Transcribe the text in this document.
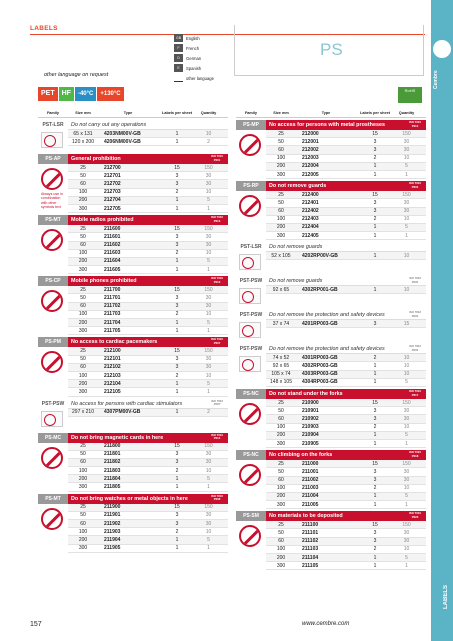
Cembre
LABELS
LABELS
GB	English
F	French
D	German
E	Spanish
...	other language
PS
other language on request
PET	HF	-40°C	+130°C
RoHS
Family	Size mm	Type	Labels per sheet	Quantity
PST-LSR	Do not carry out any operations
65 x 131	4203NM00V-GB	1	10
120 x 200	4206NM00V-GB	1	2
PS-AP	General prohibition	ISO 7010 P001
Always use in combination with other symbols text
25	212700	15	150
50	212701	3	30
60	212702	3	30
100	212703	2	10
200	212704	1	5
300	212705	1	1
PS-MT	Mobile radios prohibited	ISO 7010 P013
25	211600	15	150
50	211601	3	30
60	211602	3	30
100	211603	2	10
200	211604	1	5
300	211605	1	1
PS-CP	Mobile phones prohibited	ISO 7010 P013
25	211700	15	150
50	211701	3	30
60	211702	3	30
100	211703	2	10
200	211704	1	5
300	211705	1	1
PS-PM	No access to cardiac pacemakers	ISO 7010 P007
25	212100	15	150
50	212101	3	30
60	212102	3	30
100	212103	2	10
200	212104	1	5
300	212105	1	1
PST-PSW	No access for persons with cardiac stimulators	ISO 7010 P007
297 x 210	4307PM00V-GB	1	2
PS-MC	Do not bring magnetic cards in here	ISO 7010 P014
25	211800	15	150
50	211801	3	30
60	211802	3	30
100	211803	2	10
200	211804	1	5
300	211805	1	1
PS-MT	Do not bring watches or metal objects in here	ISO 7010 P008
25	211900	15	150
50	211901	3	30
60	211902	3	30
100	211903	2	10
200	211904	1	5
300	211905	1	1
Family	Size mm	Type	Labels per sheet	Quantity
PS-MP	No access for persons with metal prostheses	ISO 7010 P014
25	212000	15	150
50	212001	3	30
60	212002	3	30
100	212003	2	10
200	212004	1	5
300	212005	1	1
PS-RP	Do not remove guards	ISO 7010 P031
25	212400	15	150
50	212401	3	30
60	212402	3	30
100	212403	2	10
200	212404	1	5
300	212405	1	1
PST-LSR	Do not remove guards
52 x 105	4202RP00V-GB	1	10
PST-PSW	Do not remove guards	ISO 7010 P031
92 x 65	4302RP001-GB	1	10
PST-PSW	Do not remove the protection and safety devices	ISO 7010 P031
37 x 74	4201RP003-GB	3	15
PST-PSW	Do not remove the protection and safety devices	ISO 7010 P031
74 x 52	4301RP003-GB	2	10
92 x 65	4302RP003-GB	1	10
105 x 74	4303RP003-GB	1	10
148 x 105	4304RP003-GB	1	5
PS-NC	Do not stand under the forks	ISO 7010 P017
25	210900	15	150
50	210901	3	30
60	210902	3	30
100	210903	2	10
200	210904	1	5
300	210905	1	1
PS-NC	No climbing on the forks	ISO 7010 P018
25	211000	15	150
50	211001	3	30
60	211002	3	30
100	211003	2	10
200	211004	1	5
300	211005	1	1
PS-SM	No materials to be deposited	ISO 7010 P023
25	211100	15	150
50	211101	3	30
60	211102	3	30
100	211103	2	10
200	211104	1	5
300	211105	1	1
157	www.cembre.com
